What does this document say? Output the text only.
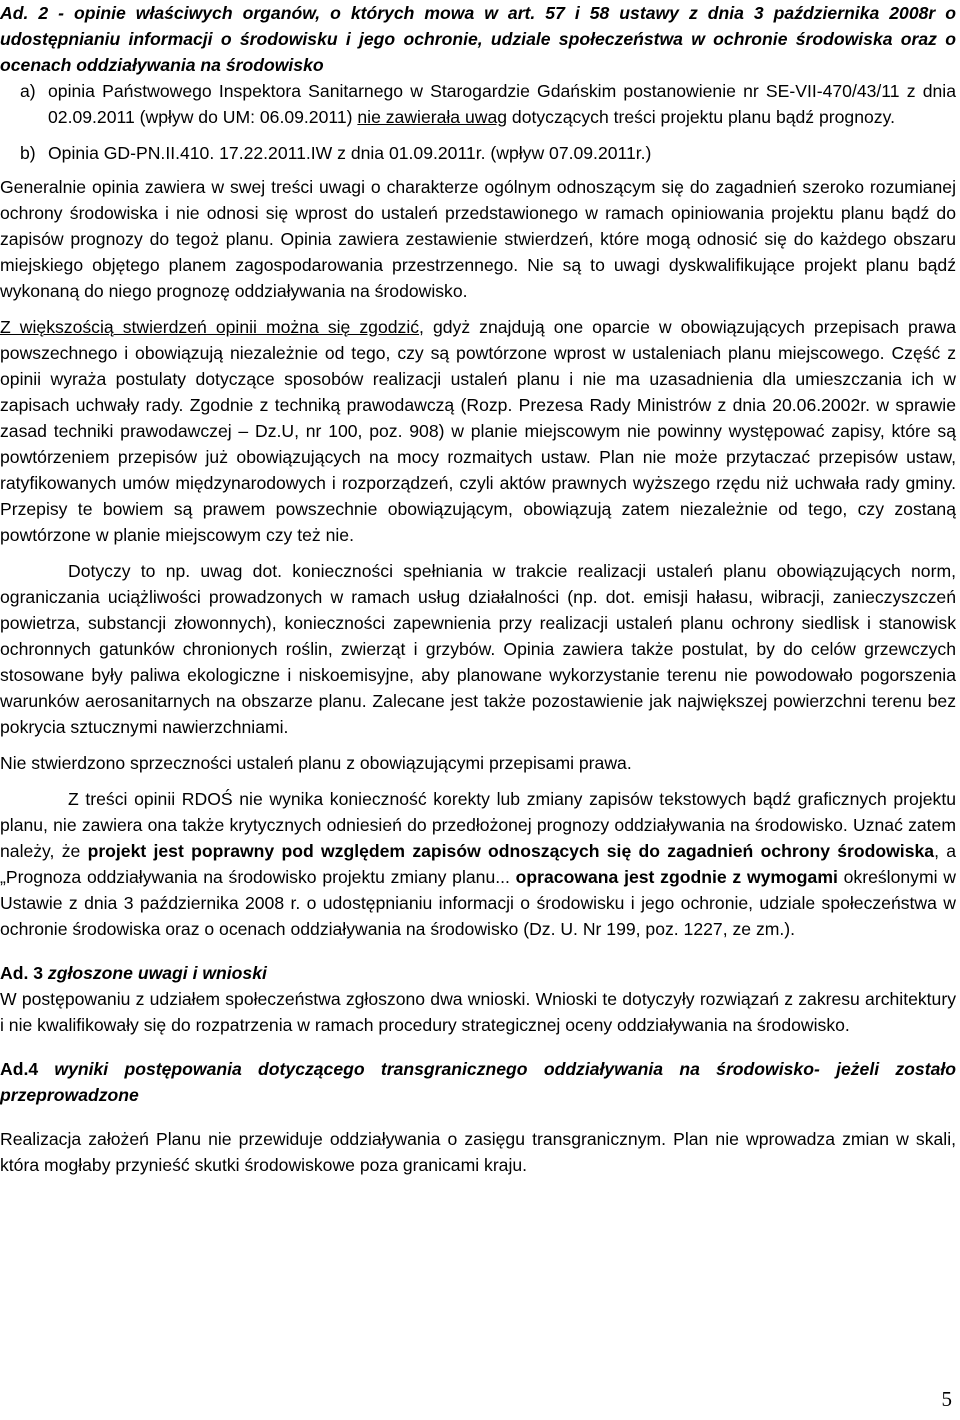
Ad. 2 - opinie właściwych organów, o których mowa w art. 57 i 58 ustawy z dnia 3 października 2008r o udostępnianiu informacji o środowisku i jego ochronie, udziale społeczeństwa w ochronie środowiska oraz o ocenach oddziaływania na środowisko

a) opinia Państwowego Inspektora Sanitarnego w Starogardzie Gdańskim postanowienie nr SE-VII-470/43/11 z dnia 02.09.2011 (wpływ do UM: 06.09.2011) nie zawierała uwag dotyczących treści projektu planu bądź prognozy.
b) Opinia GD-PN.II.410. 17.22.2011.IW z dnia 01.09.2011r. (wpływ 07.09.2011r.)

Generalnie opinia zawiera w swej treści uwagi o charakterze ogólnym odnoszącym się do zagadnień szeroko rozumianej ochrony środowiska i nie odnosi się wprost do ustaleń przedstawionego w ramach opiniowania projektu planu bądź do zapisów prognozy do tegoż planu. Opinia zawiera zestawienie stwierdzeń, które mogą odnosić się do każdego obszaru miejskiego objętego planem zagospodarowania przestrzennego. Nie są to uwagi dyskwalifikujące projekt planu bądź wykonaną do niego prognozę oddziaływania na środowisko.

Z większością stwierdzeń opinii można się zgodzić, gdyż znajdują one oparcie w obowiązujących przepisach prawa powszechnego i obowiązują niezależnie od tego, czy są powtórzone wprost w ustaleniach planu miejscowego. Część z opinii wyraża postulaty dotyczące sposobów realizacji ustaleń planu i nie ma uzasadnienia dla umieszczania ich w zapisach uchwały rady. Zgodnie z techniką prawodawczą (Rozp. Prezesa Rady Ministrów z dnia 20.06.2002r. w sprawie zasad techniki prawodawczej – Dz.U, nr 100, poz. 908) w planie miejscowym nie powinny występować zapisy, które są powtórzeniem przepisów już obowiązujących na mocy rozmaitych ustaw. Plan nie może przytaczać przepisów ustaw, ratyfikowanych umów międzynarodowych i rozporządzeń, czyli aktów prawnych wyższego rzędu niż uchwała rady gminy. Przepisy te bowiem są prawem powszechnie obowiązującym, obowiązują zatem niezależnie od tego, czy zostaną powtórzone w planie miejscowym czy też nie.

Dotyczy to np. uwag dot. konieczności spełniania w trakcie realizacji ustaleń planu obowiązujących norm, ograniczania uciążliwości prowadzonych w ramach usług działalności (np. dot. emisji hałasu, wibracji, zanieczyszczeń powietrza, substancji złowonnych), konieczności zapewnienia przy realizacji ustaleń planu ochrony siedlisk i stanowisk ochronnych gatunków chronionych roślin, zwierząt i grzybów. Opinia zawiera także postulat, by do celów grzewczych stosowane były paliwa ekologiczne i niskoemisyjne, aby planowane wykorzystanie terenu nie powodowało pogorszenia warunków aerosanitarnych na obszarze planu. Zalecane jest także pozostawienie jak największej powierzchni terenu bez pokrycia sztucznymi nawierzchniami.

Nie stwierdzono sprzeczności ustaleń planu z obowiązującymi przepisami prawa.

Z treści opinii RDOŚ nie wynika konieczność korekty lub zmiany zapisów tekstowych bądź graficznych projektu planu, nie zawiera ona także krytycznych odniesień do przedłożonej prognozy oddziaływania na środowisko. Uznać zatem należy, że projekt jest poprawny pod względem zapisów odnoszących się do zagadnień ochrony środowiska, a „Prognoza oddziaływania na środowisko projektu zmiany planu... opracowana jest zgodnie z wymogami określonymi w Ustawie z dnia 3 października 2008 r. o udostępnianiu informacji o środowisku i jego ochronie, udziale społeczeństwa w ochronie środowiska oraz o ocenach oddziaływania na środowisko (Dz. U. Nr 199, poz. 1227, ze zm.).

Ad. 3 zgłoszone uwagi i wnioski

W postępowaniu z udziałem społeczeństwa zgłoszono dwa wnioski. Wnioski te dotyczyły rozwiązań z zakresu architektury i nie kwalifikowały się do rozpatrzenia w ramach procedury strategicznej oceny oddziaływania na środowisko.

Ad.4 wyniki postępowania dotyczącego transgranicznego oddziaływania na środowisko- jeżeli zostało przeprowadzone

Realizacja założeń Planu nie przewiduje oddziaływania o zasięgu transgranicznym. Plan nie wprowadza zmian w skali, która mogłaby przynieść skutki środowiskowe poza granicami kraju.

5
